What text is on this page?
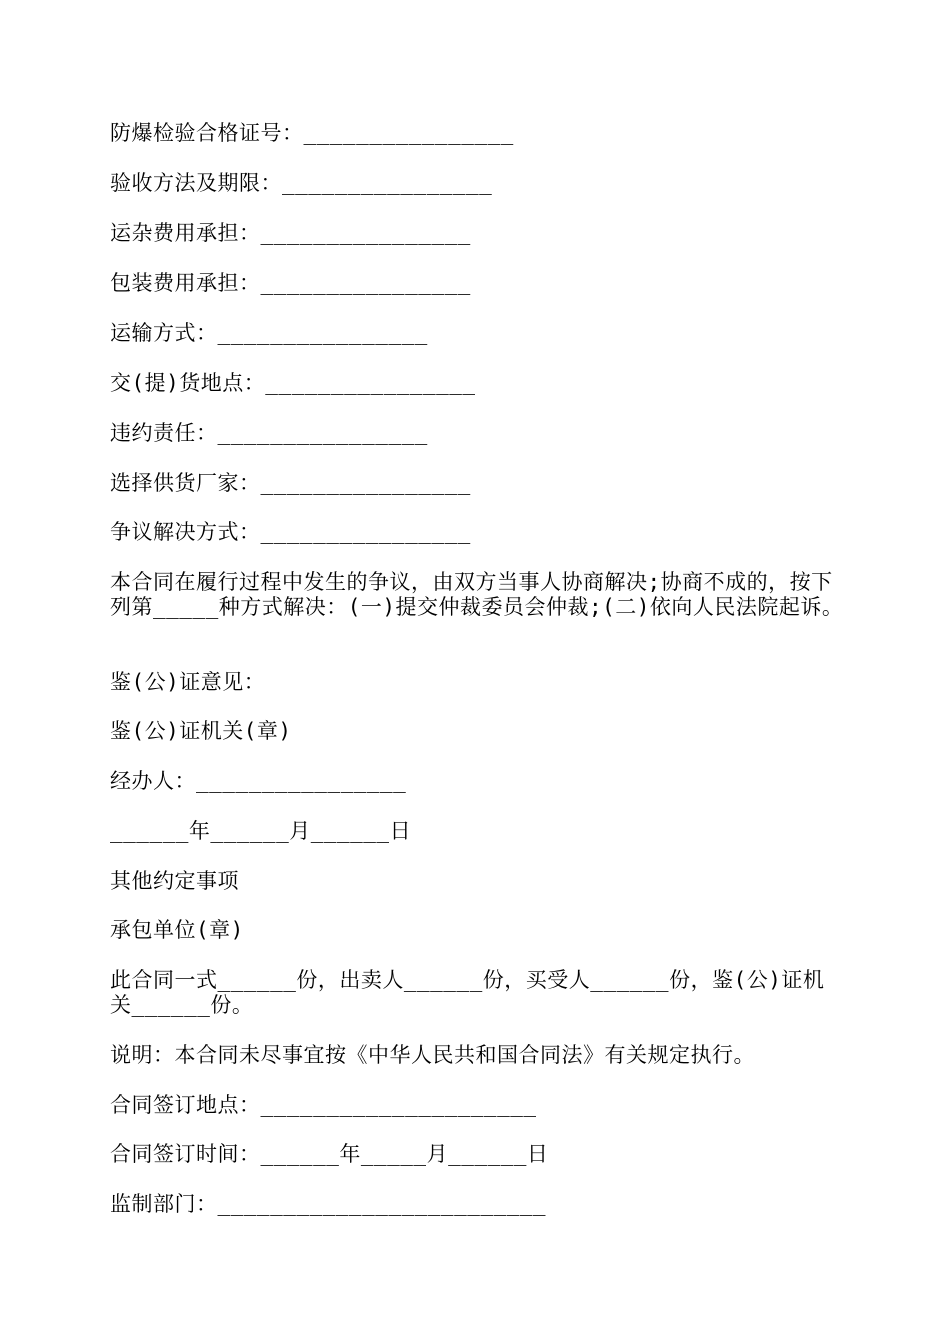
防爆检验合格证号：________________
验收方法及期限：________________
运杂费用承担：________________
包装费用承担：________________
运输方式：________________
交(提)货地点：________________
违约责任：________________
选择供货厂家：________________
争议解决方式：________________
本合同在履行过程中发生的争议，由双方当事人协商解决;协商不成的，按下列第_____种方式解决：(一)提交仲裁委员会仲裁;(二)依向人民法院起诉。
鉴(公)证意见：
鉴(公)证机关(章)
经办人：________________
______年______月______日
其他约定事项
承包单位(章)
此合同一式______份，出卖人______份，买受人______份，鉴(公)证机关______份。
说明：本合同未尽事宜按《中华人民共和国合同法》有关规定执行。
合同签订地点：_____________________
合同签订时间：______年_____月______日
监制部门：_________________________
